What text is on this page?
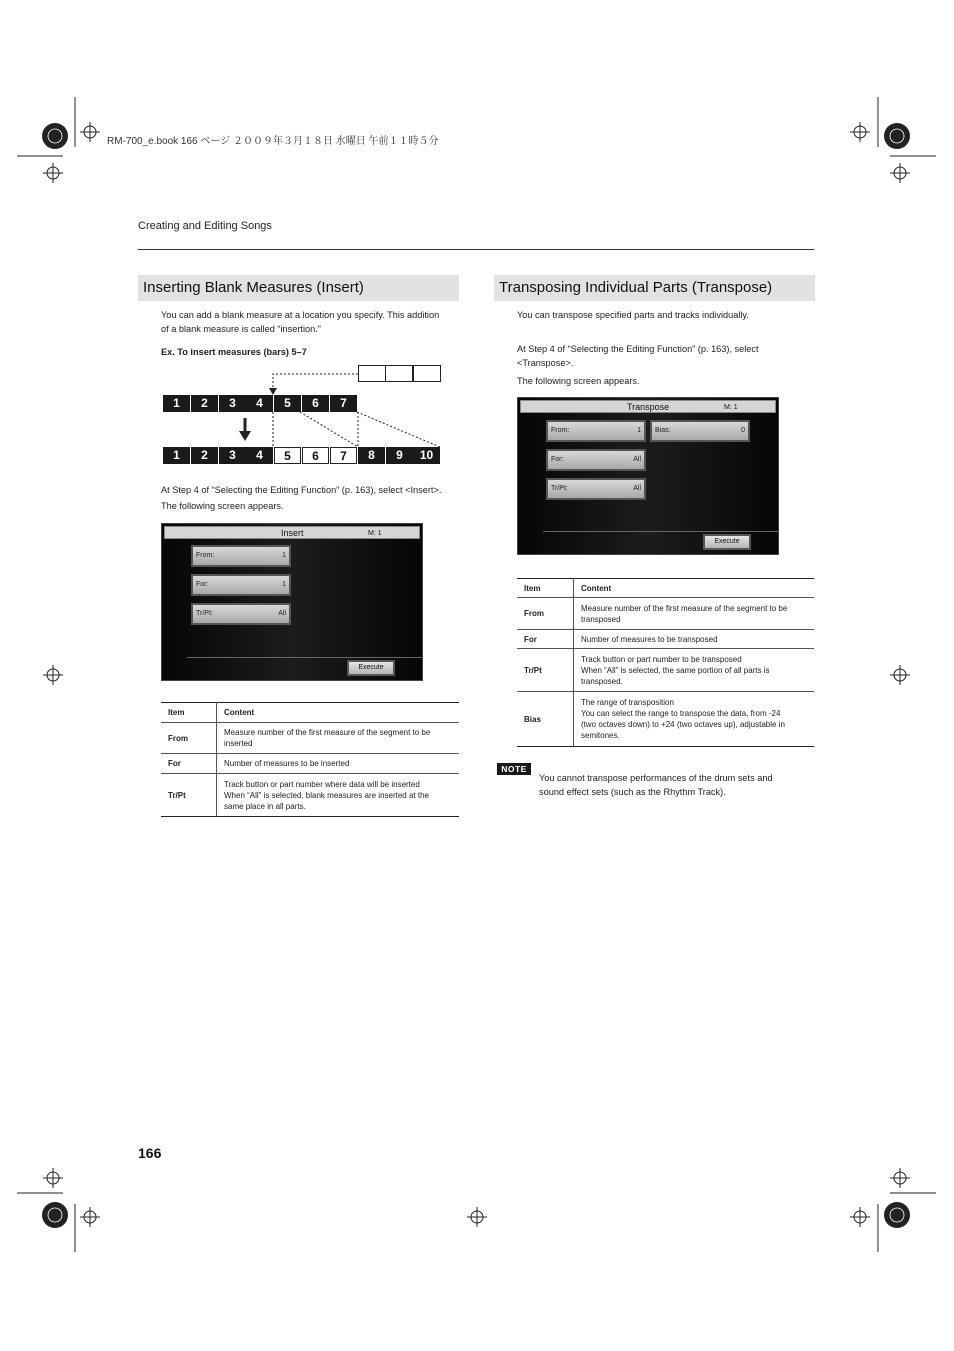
RM-700_e.book 166 ページ ２００９年３月１８日 水曜日 午前１１時５分
Creating and Editing Songs
Inserting Blank Measures (Insert)
You can add a blank measure at a location you specify. This addition
of a blank measure is called “insertion.”
Ex. To insert measures (bars) 5–7
1	2	3	4	5	6	7
1	2	3	4	5	6	7	8	9	10
At Step 4 of “Selecting the Editing Function” (p. 163), select <Insert>.
The following screen appears.
Insert	M: 1
From:	1
For:	1
Tr/Pt:	All
Execute
Item	Content
From	Measure number of the first measure of the segment to be
inserted

For	Number of measures to be inserted

Tr/Pt	Track button or part number where data will be inserted
When “All” is selected, blank measures are inserted at the
same place in all parts.
Transposing Individual Parts (Transpose)
You can transpose specified parts and tracks individually.
At Step 4 of “Selecting the Editing Function” (p. 163), select
<Transpose>.
The following screen appears.
Transpose	M: 1
From:	1	Bias:	0
For:	All
Tr/Pt:	All
Execute
Item	Content
From	Measure number of the first measure of the segment to be
transposed

For	Number of measures to be transposed

Tr/Pt	Track button or part number to be transposed
When “All” is selected, the same portion of all parts is
transposed.

Bias	The range of transposition
You can select the range to transpose the data, from -24
(two octaves down) to +24 (two octaves up), adjustable in
semitones.
NOTE
You cannot transpose performances of the drum sets and
sound effect sets (such as the Rhythm Track).
166
